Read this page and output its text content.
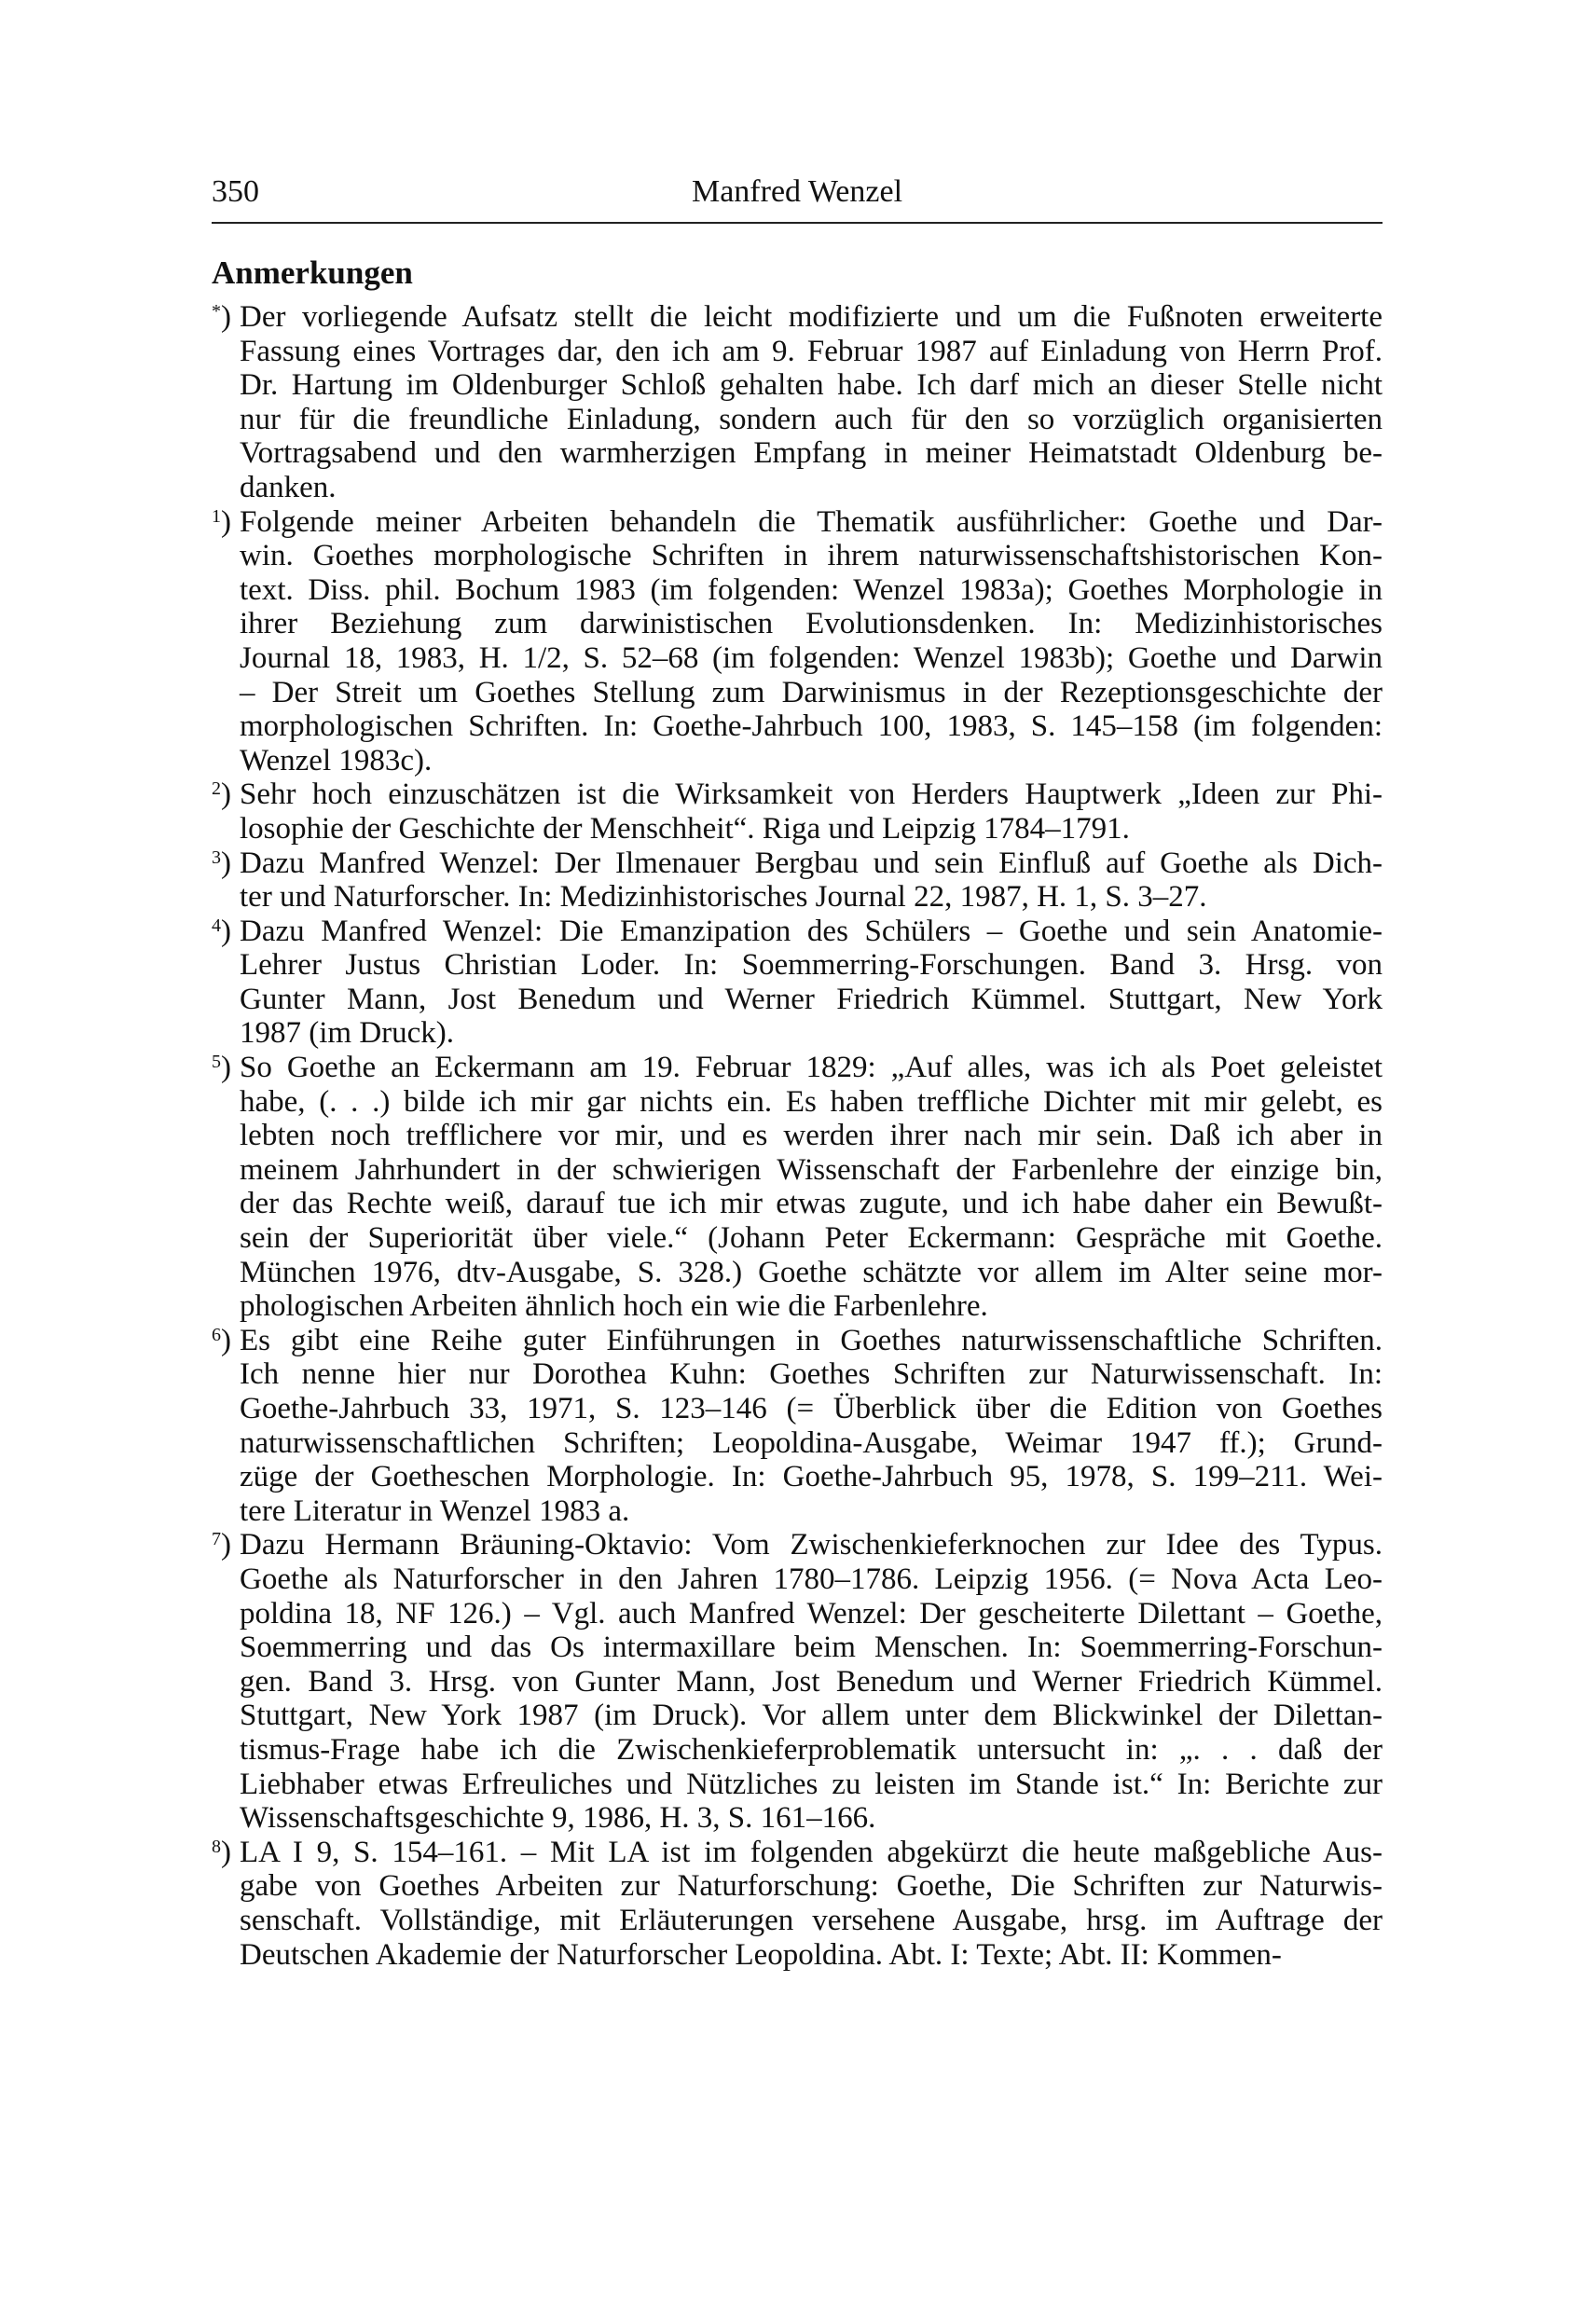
350	Manfred Wenzel
Anmerkungen
*) Der vorliegende Aufsatz stellt die leicht modifizierte und um die Fußnoten erweiterte
Fassung eines Vortrages dar, den ich am 9. Februar 1987 auf Einladung von Herrn Prof.
Dr. Hartung im Oldenburger Schloß gehalten habe. Ich darf mich an dieser Stelle nicht
nur für die freundliche Einladung, sondern auch für den so vorzüglich organisierten
Vortragsabend und den warmherzigen Empfang in meiner Heimatstadt Oldenburg be-
danken.
$^1$) Folgende meiner Arbeiten behandeln die Thematik ausführlicher: Goethe und Dar-
win. Goethes morphologische Schriften in ihrem naturwissenschaftshistorischen Kon-
text. Diss. phil. Bochum 1983 (im folgenden: Wenzel 1983a); Goethes Morphologie in
ihrer Beziehung zum darwinistischen Evolutionsdenken. In: Medizinhistorisches
Journal 18, 1983, H. 1/2, S. 52–68 (im folgenden: Wenzel 1983b); Goethe und Darwin
– Der Streit um Goethes Stellung zum Darwinismus in der Rezeptionsgeschichte der
morphologischen Schriften. In: Goethe-Jahrbuch 100, 1983, S. 145–158 (im folgenden:
Wenzel 1983c).
$^2$) Sehr hoch einzuschätzen ist die Wirksamkeit von Herders Hauptwerk „Ideen zur Phi-
losophie der Geschichte der Menschheit“. Riga und Leipzig 1784–1791.
$^3$) Dazu Manfred Wenzel: Der Ilmenauer Bergbau und sein Einfluß auf Goethe als Dich-
ter und Naturforscher. In: Medizinhistorisches Journal 22, 1987, H. 1, S. 3–27.
$^4$) Dazu Manfred Wenzel: Die Emanzipation des Schülers – Goethe und sein Anatomie-
Lehrer Justus Christian Loder. In: Soemmerring-Forschungen. Band 3. Hrsg. von
Gunter Mann, Jost Benedum und Werner Friedrich Kümmel. Stuttgart, New York
1987 (im Druck).
$^5$) So Goethe an Eckermann am 19. Februar 1829: „Auf alles, was ich als Poet geleistet
habe, (. . .) bilde ich mir gar nichts ein. Es haben treffliche Dichter mit mir gelebt, es
lebten noch trefflichere vor mir, und es werden ihrer nach mir sein. Daß ich aber in
meinem Jahrhundert in der schwierigen Wissenschaft der Farbenlehre der einzige bin,
der das Rechte weiß, darauf tue ich mir etwas zugute, und ich habe daher ein Bewußt-
sein der Superiorität über viele.“ (Johann Peter Eckermann: Gespräche mit Goethe.
München 1976, dtv-Ausgabe, S. 328.) Goethe schätzte vor allem im Alter seine mor-
phologischen Arbeiten ähnlich hoch ein wie die Farbenlehre.
$^6$) Es gibt eine Reihe guter Einführungen in Goethes naturwissenschaftliche Schriften.
Ich nenne hier nur Dorothea Kuhn: Goethes Schriften zur Naturwissenschaft. In:
Goethe-Jahrbuch 33, 1971, S. 123–146 (= Überblick über die Edition von Goethes
naturwissenschaftlichen Schriften; Leopoldina-Ausgabe, Weimar 1947 ff.); Grund-
züge der Goetheschen Morphologie. In: Goethe-Jahrbuch 95, 1978, S. 199–211. Wei-
tere Literatur in Wenzel 1983 a.
$^7$) Dazu Hermann Bräuning-Oktavio: Vom Zwischenkieferknochen zur Idee des Typus.
Goethe als Naturforscher in den Jahren 1780–1786. Leipzig 1956. (= Nova Acta Leo-
poldina 18, NF 126.) – Vgl. auch Manfred Wenzel: Der gescheiterte Dilettant – Goethe,
Soemmerring und das Os intermaxillare beim Menschen. In: Soemmerring-Forschun-
gen. Band 3. Hrsg. von Gunter Mann, Jost Benedum und Werner Friedrich Kümmel.
Stuttgart, New York 1987 (im Druck). Vor allem unter dem Blickwinkel der Dilettan-
tismus-Frage habe ich die Zwischenkieferproblematik untersucht in: „. . . daß der
Liebhaber etwas Erfreuliches und Nützliches zu leisten im Stande ist.“ In: Berichte zur
Wissenschaftsgeschichte 9, 1986, H. 3, S. 161–166.
$^8$) LA I 9, S. 154–161. – Mit LA ist im folgenden abgekürzt die heute maßgebliche Aus-
gabe von Goethes Arbeiten zur Naturforschung: Goethe, Die Schriften zur Naturwis-
senschaft. Vollständige, mit Erläuterungen versehene Ausgabe, hrsg. im Auftrage der
Deutschen Akademie der Naturforscher Leopoldina. Abt. I: Texte; Abt. II: Kommen-
